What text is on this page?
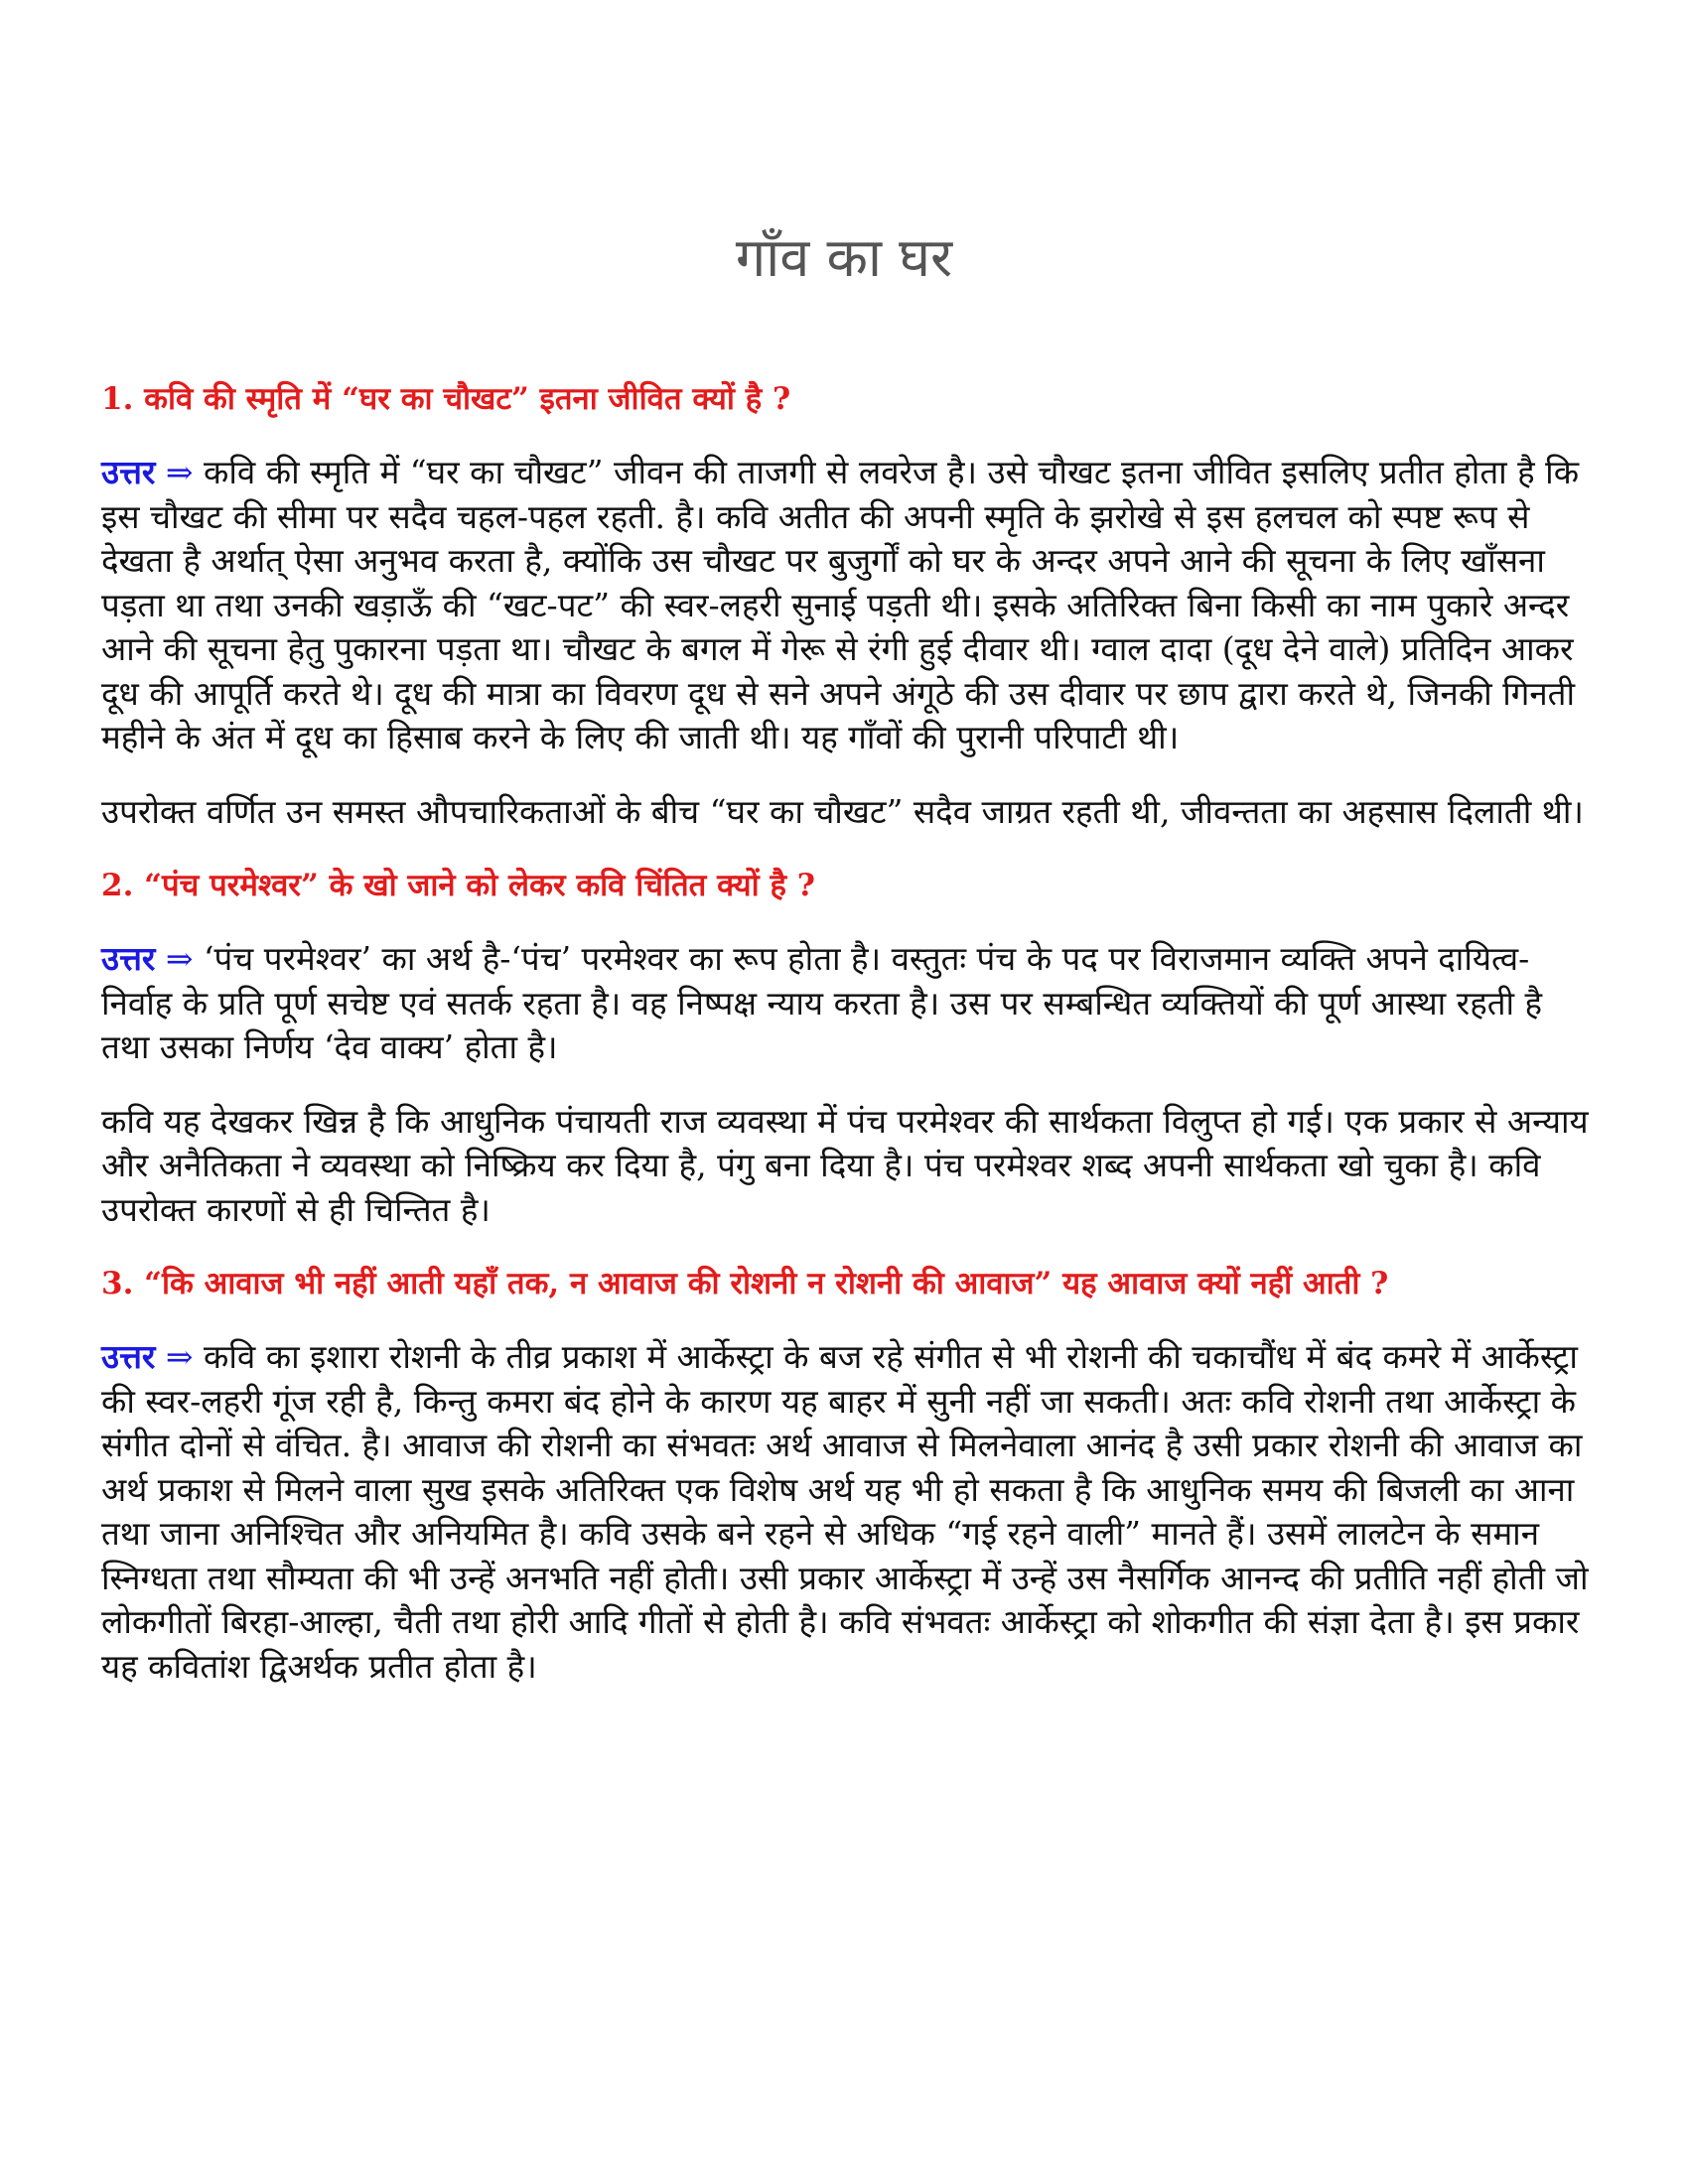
गाँव का घर

1. कवि की स्मृति में “घर का चौखट” इतना जीवित क्यों है ?

उत्तर ⇒ कवि की स्मृति में “घर का चौखट” जीवन की ताजगी से लवरेज है। उसे चौखट इतना जीवित इसलिए प्रतीत होता है कि इस चौखट की सीमा पर सदैव चहल-पहल रहती. है। कवि अतीत की अपनी स्मृति के झरोखे से इस हलचल को स्पष्ट रूप से देखता है अर्थात् ऐसा अनुभव करता है, क्योंकि उस चौखट पर बुजुर्गों को घर के अन्दर अपने आने की सूचना के लिए खाँसना पड़ता था तथा उनकी खड़ाऊँ की “खट-पट” की स्वर-लहरी सुनाई पड़ती थी। इसके अतिरिक्त बिना किसी का नाम पुकारे अन्दर आने की सूचना हेतु पुकारना पड़ता था। चौखट के बगल में गेरू से रंगी हुई दीवार थी। ग्वाल दादा (दूध देने वाले) प्रतिदिन आकर दूध की आपूर्ति करते थे। दूध की मात्रा का विवरण दूध से सने अपने अंगूठे की उस दीवार पर छाप द्वारा करते थे, जिनकी गिनती महीने के अंत में दूध का हिसाब करने के लिए की जाती थी। यह गाँवों की पुरानी परिपाटी थी।

उपरोक्त वर्णित उन समस्त औपचारिकताओं के बीच “घर का चौखट” सदैव जाग्रत रहती थी, जीवन्तता का अहसास दिलाती थी।

2. “पंच परमेश्वर” के खो जाने को लेकर कवि चिंतित क्यों है ?

उत्तर ⇒ ‘पंच परमेश्वर’ का अर्थ है-‘पंच’ परमेश्वर का रूप होता है। वस्तुतः पंच के पद पर विराजमान व्यक्ति अपने दायित्व-निर्वाह के प्रति पूर्ण सचेष्ट एवं सतर्क रहता है। वह निष्पक्ष न्याय करता है। उस पर सम्बन्धित व्यक्तियों की पूर्ण आस्था रहती है तथा उसका निर्णय ‘देव वाक्य’ होता है।

कवि यह देखकर खिन्न है कि आधुनिक पंचायती राज व्यवस्था में पंच परमेश्वर की सार्थकता विलुप्त हो गई। एक प्रकार से अन्याय और अनैतिकता ने व्यवस्था को निष्क्रिय कर दिया है, पंगु बना दिया है। पंच परमेश्वर शब्द अपनी सार्थकता खो चुका है। कवि उपरोक्त कारणों से ही चिन्तित है।

3. “कि आवाज भी नहीं आती यहाँ तक, न आवाज की रोशनी न रोशनी की आवाज” यह आवाज क्यों नहीं आती ?

उत्तर ⇒ कवि का इशारा रोशनी के तीव्र प्रकाश में आर्केस्ट्रा के बज रहे संगीत से भी रोशनी की चकाचौंध में बंद कमरे में आर्केस्ट्रा की स्वर-लहरी गूंज रही है, किन्तु कमरा बंद होने के कारण यह बाहर में सुनी नहीं जा सकती। अतः कवि रोशनी तथा आर्केस्ट्रा के संगीत दोनों से वंचित. है। आवाज की रोशनी का संभवतः अर्थ आवाज से मिलनेवाला आनंद है उसी प्रकार रोशनी की आवाज का अर्थ प्रकाश से मिलने वाला सुख इसके अतिरिक्त एक विशेष अर्थ यह भी हो सकता है कि आधुनिक समय की बिजली का आना तथा जाना अनिश्चित और अनियमित है। कवि उसके बने रहने से अधिक “गई रहने वाली” मानते हैं। उसमें लालटेन के समान स्निग्धता तथा सौम्यता की भी उन्हें अनभति नहीं होती। उसी प्रकार आर्केस्ट्रा में उन्हें उस नैसर्गिक आनन्द की प्रतीति नहीं होती जो लोकगीतों बिरहा-आल्हा, चैती तथा होरी आदि गीतों से होती है। कवि संभवतः आर्केस्ट्रा को शोकगीत की संज्ञा देता है। इस प्रकार यह कवितांश द्विअर्थक प्रतीत होता है।
